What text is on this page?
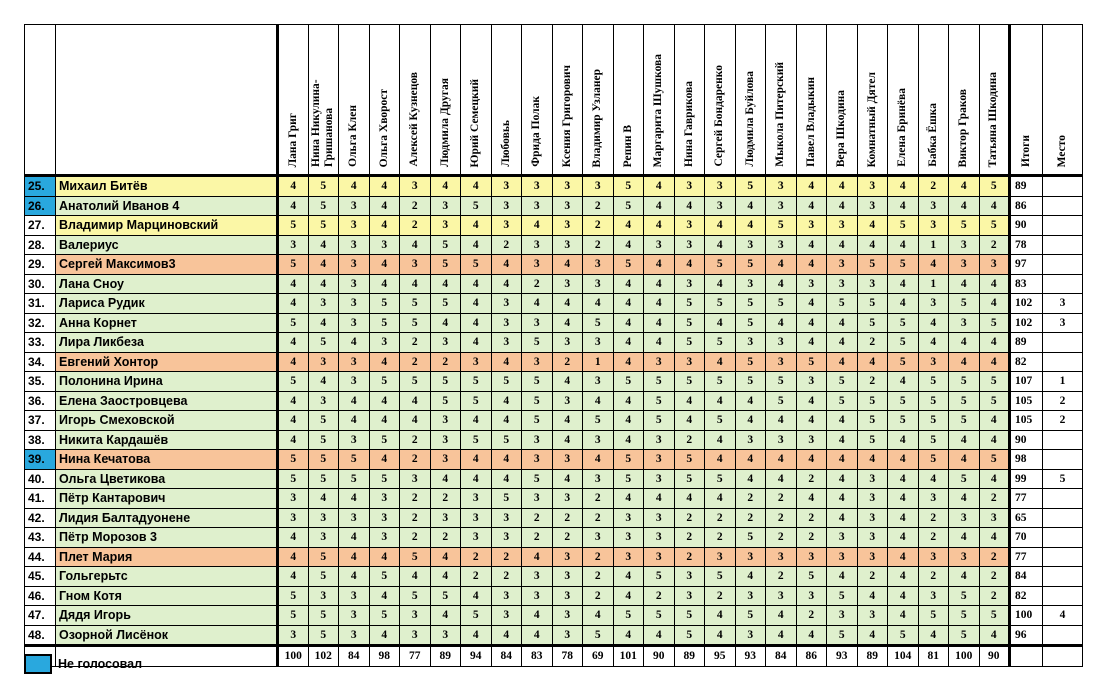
		Лана Григ	Нина Никулина-Гришанова	Ольга Клен	Ольга Хворост	Алексей Кузнецов	Людмила Другая	Юрий Семецкий	Любовьь	Фрида Полак	Ксения Григорович	Владимир Узланер	Репин В	Маргарита Шушкова	Нина Гаврикова	Сергей Бондаренко	Людмила Буйлова	Мыкола Питерский	Павел Владыкин	Вера Шкодина	Комнатный Дятел	Елена Бринёва	Бабка Ёшка	Виктор Граков	Татьяна Шкодина	Итоги	Место
25.	Михаил Битёв	4	5	4	4	3	4	4	3	3	3	3	5	4	3	3	5	3	4	4	3	4	2	4	5	89	
26.	Анатолий Иванов 4	4	5	3	4	2	3	5	3	3	3	2	5	4	4	3	4	3	4	4	3	4	3	4	4	86	
27.	Владимир Марциновский	5	5	3	4	2	3	4	3	4	3	2	4	4	3	4	4	5	3	3	4	5	3	5	5	90	
28.	Валериус	3	4	3	3	4	5	4	2	3	3	2	4	3	3	4	3	3	4	4	4	4	1	3	2	78	
29.	Сергей Максимов3	5	4	3	4	3	5	5	4	3	4	3	5	4	4	5	5	4	4	3	5	5	4	3	3	97	
30.	Лана Сноу	4	4	3	4	4	4	4	4	2	3	3	4	4	3	4	3	4	3	3	3	4	1	4	4	83	
31.	Лариса Рудик	4	3	3	5	5	5	4	3	4	4	4	4	4	5	5	5	5	4	5	5	4	3	5	4	102	3
32.	Анна Корнет	5	4	3	5	5	4	4	3	3	4	5	4	4	5	4	5	4	4	4	5	5	4	3	5	102	3
33.	Лира Ликбеза	4	5	4	3	2	3	4	3	5	3	3	4	4	5	5	3	3	4	4	2	5	4	4	4	89	
34.	Евгений Хонтор	4	3	3	4	2	2	3	4	3	2	1	4	3	3	4	5	3	5	4	4	5	3	4	4	82	
35.	Полонина Ирина	5	4	3	5	5	5	5	5	5	4	3	5	5	5	5	5	5	3	5	2	4	5	5	5	107	1
36.	Елена Заостровцева	4	3	4	4	4	5	5	4	5	3	4	4	5	4	4	4	5	4	5	5	5	5	5	5	105	2
37.	Игорь Смеховской	4	5	4	4	4	3	4	4	5	4	5	4	5	4	5	4	4	4	4	5	5	5	5	4	105	2
38.	Никита Кардашёв	4	5	3	5	2	3	5	5	3	4	3	4	3	2	4	3	3	3	4	5	4	5	4	4	90	
39.	Нина Кечатова	5	5	5	4	2	3	4	4	3	3	4	5	3	5	4	4	4	4	4	4	4	5	4	5	98	
40.	Ольга Цветикова	5	5	5	5	3	4	4	4	5	4	3	5	3	5	5	4	4	2	4	3	4	4	5	4	99	5
41.	Пётр Кантарович	3	4	4	3	2	2	3	5	3	3	2	4	4	4	4	2	2	4	4	3	4	3	4	2	77	
42.	Лидия Балтадуонене	3	3	3	3	2	3	3	3	2	2	2	3	3	2	2	2	2	2	4	3	4	2	3	3	65	
43.	Пётр Морозов 3	4	3	4	3	2	2	3	3	2	2	3	3	3	2	2	5	2	2	3	3	4	2	4	4	70	
44.	Плет Мария	4	5	4	4	5	4	2	2	4	3	2	3	3	2	3	3	3	3	3	3	4	3	3	2	77	
45.	Гольгерьтс	4	5	4	5	4	4	2	2	3	3	2	4	5	3	5	4	2	5	4	2	4	2	4	2	84	
46.	Гном Котя	5	3	3	4	5	5	4	3	3	3	2	4	2	3	2	3	3	3	5	4	4	3	5	2	82	
47.	Дядя Игорь	5	5	3	5	3	4	5	3	4	3	4	5	5	5	4	5	4	2	3	3	4	5	5	5	100	4
48.	Озорной Лисёнок	3	5	3	4	3	3	4	4	4	3	5	4	4	5	4	3	4	4	5	4	5	4	5	4	96	
		100	102	84	98	77	89	94	84	83	78	69	101	90	89	95	93	84	86	93	89	104	81	100	90		
Не голосовал
